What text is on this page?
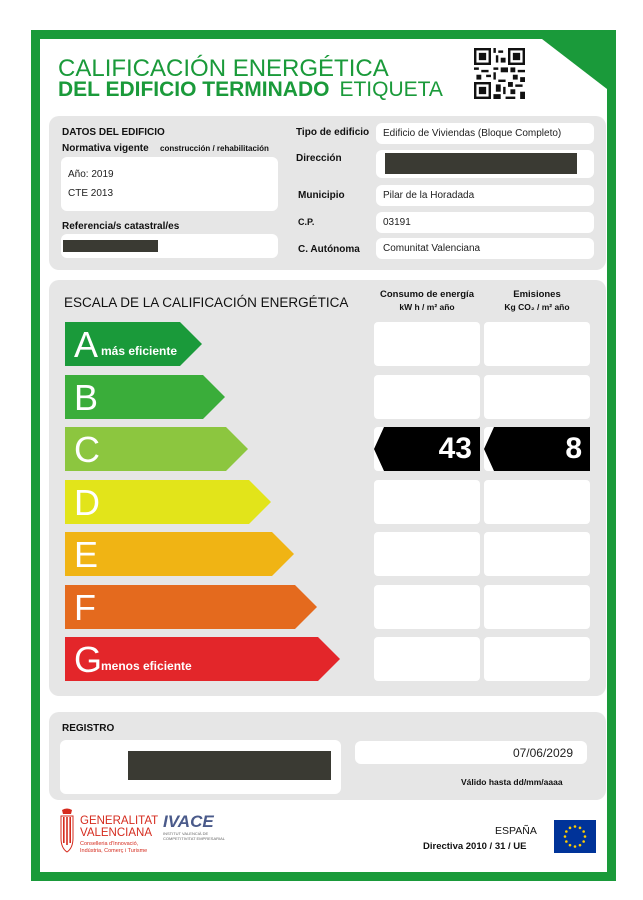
CALIFICACIÓN ENERGÉTICA
DEL EDIFICIO TERMINADO ETIQUETA
DATOS DEL EDIFICIO
Normativa vigente construcción / rehabilitación
Año: 2019
CTE 2013
Referencia/s catastral/es
Tipo de edificio	Edificio de Viviendas (Bloque Completo)
Dirección
Municipio	Pilar de la Horadada
C.P.	03191
C. Autónoma	Comunitat Valenciana
ESCALA DE LA CALIFICACIÓN ENERGÉTICA
Consumo de energía
kW h / m² año
Emisiones
Kg CO₂ / m² año
A más eficiente
B
C	43	8
D
E
F
G
menos eficiente
REGISTRO
07/06/2029
Válido hasta dd/mm/aaaa
GENERALITAT
VALENCIANA
Conselleria d'Innovació,
Indústria, Comerç i Turisme
IVACE
INSTITUT VALENCIÀ DE
COMPETITIVITAT EMPRESARIAL
ESPAÑA
Directiva 2010 / 31 / UE
